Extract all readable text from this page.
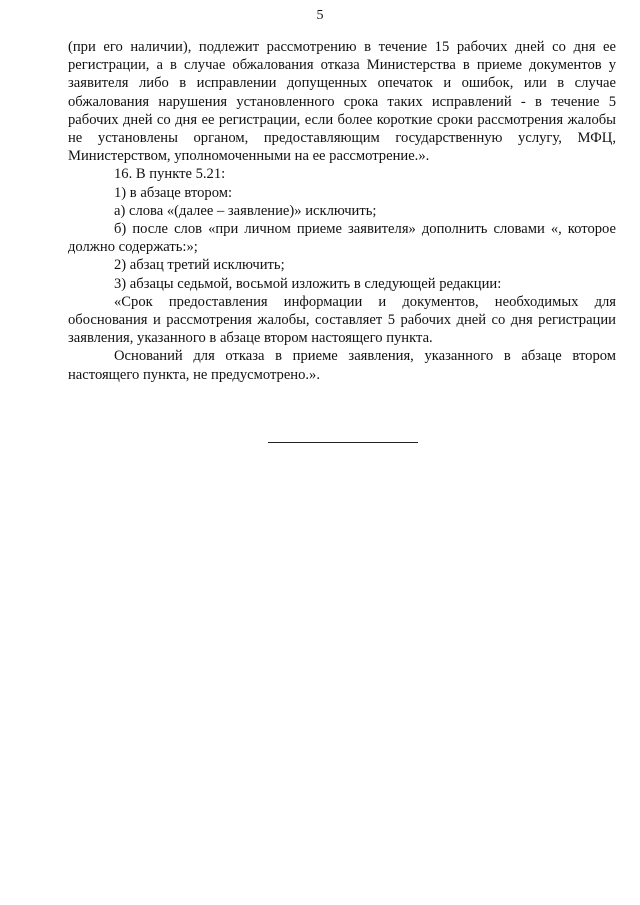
5

(при его наличии), подлежит рассмотрению в течение 15 рабочих дней со дня ее регистрации, а в случае обжалования отказа Министерства в приеме документов у заявителя либо в исправлении допущенных опечаток и ошибок, или в случае обжалования нарушения установленного срока таких исправлений - в течение 5 рабочих дней со дня ее регистрации, если более короткие сроки рассмотрения жалобы не установлены органом, предоставляющим государственную услугу, МФЦ, Министерством, уполномоченными на ее рассмотрение.».

16. В пункте 5.21:

1) в абзаце втором:

а) слова «(далее – заявление)» исключить;

б) после слов «при личном приеме заявителя» дополнить словами «, которое должно содержать:»;

2) абзац третий исключить;

3) абзацы седьмой, восьмой изложить в следующей редакции:

«Срок предоставления информации и документов, необходимых для обоснования и рассмотрения жалобы, составляет 5 рабочих дней со дня регистрации заявления, указанного в абзаце втором настоящего пункта.

Оснований для отказа в приеме заявления, указанного в абзаце втором настоящего пункта, не предусмотрено.».
